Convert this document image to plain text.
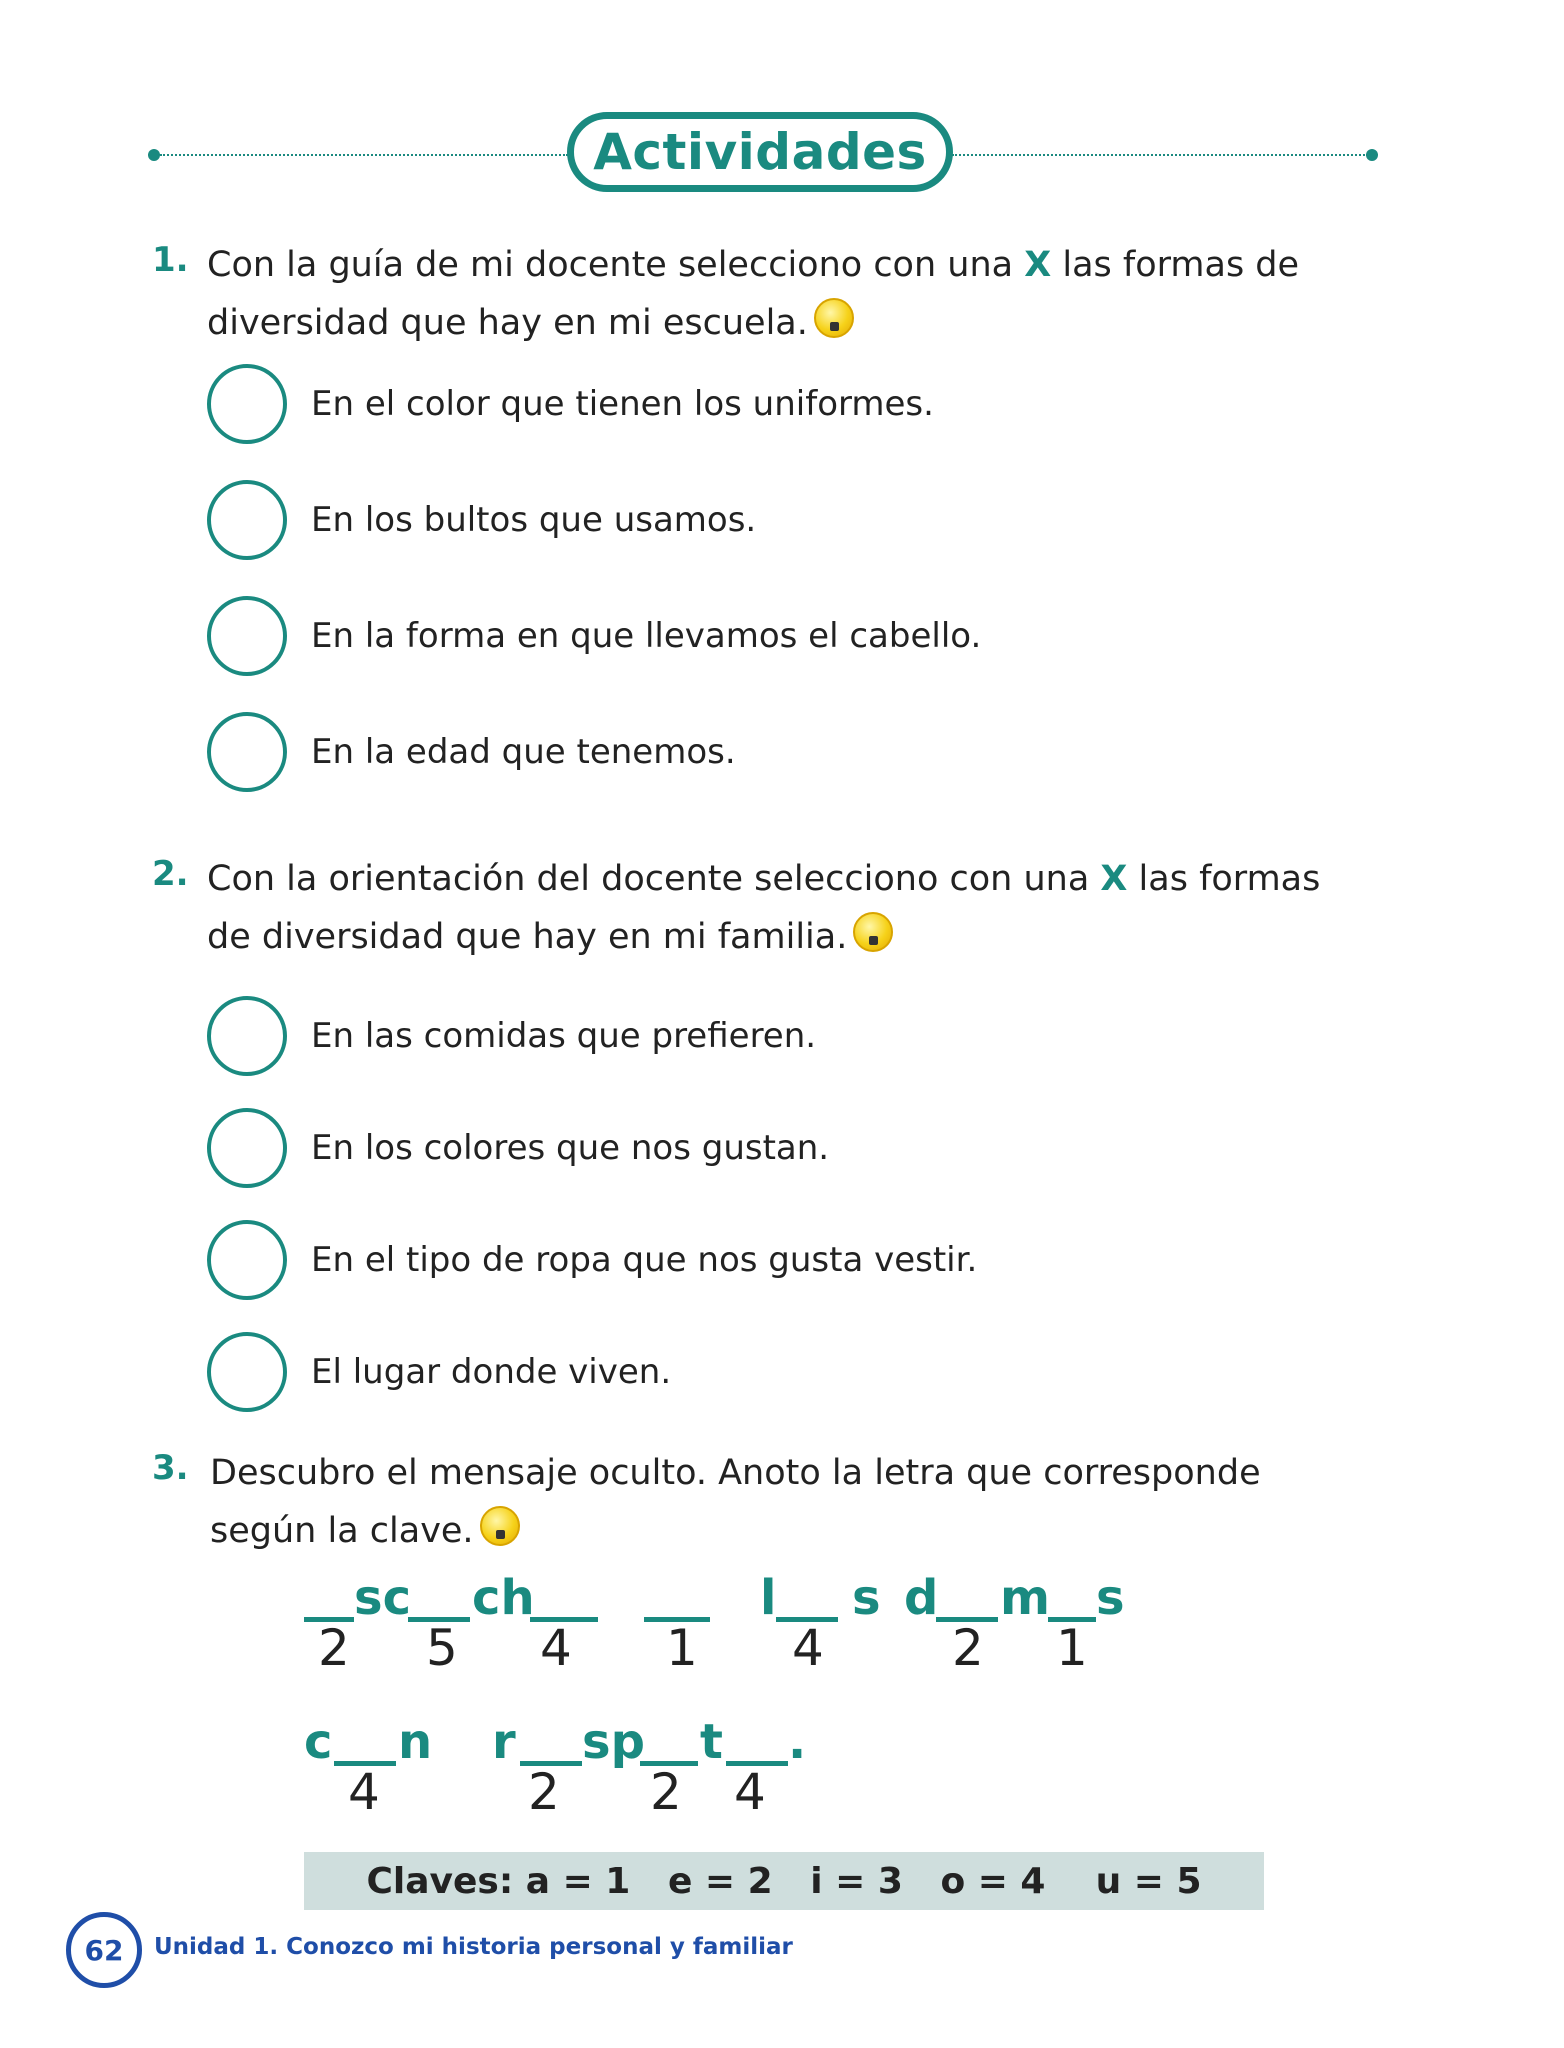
Actividades
1. Con la guía de mi docente selecciono con una X las formas de
diversidad que hay en mi escuela.
En el color que tienen los uniformes.
En los bultos que usamos.
En la forma en que llevamos el cabello.
En la edad que tenemos.
2. Con la orientación del docente selecciono con una X las formas
de diversidad que hay en mi familia.
En las comidas que prefieren.
En los colores que nos gustan.
En el tipo de ropa que nos gusta vestir.
El lugar donde viven.
3. Descubro el mensaje oculto. Anoto la letra que corresponde
según la clave.
sc ch	l s d m s
2 5 4 1 4	2 1
c n r sp t .
4	2 2 4
Claves: a = 1   e = 2   i = 3   o = 4    u = 5
62 Unidad 1. Conozco mi historia personal y familiar
